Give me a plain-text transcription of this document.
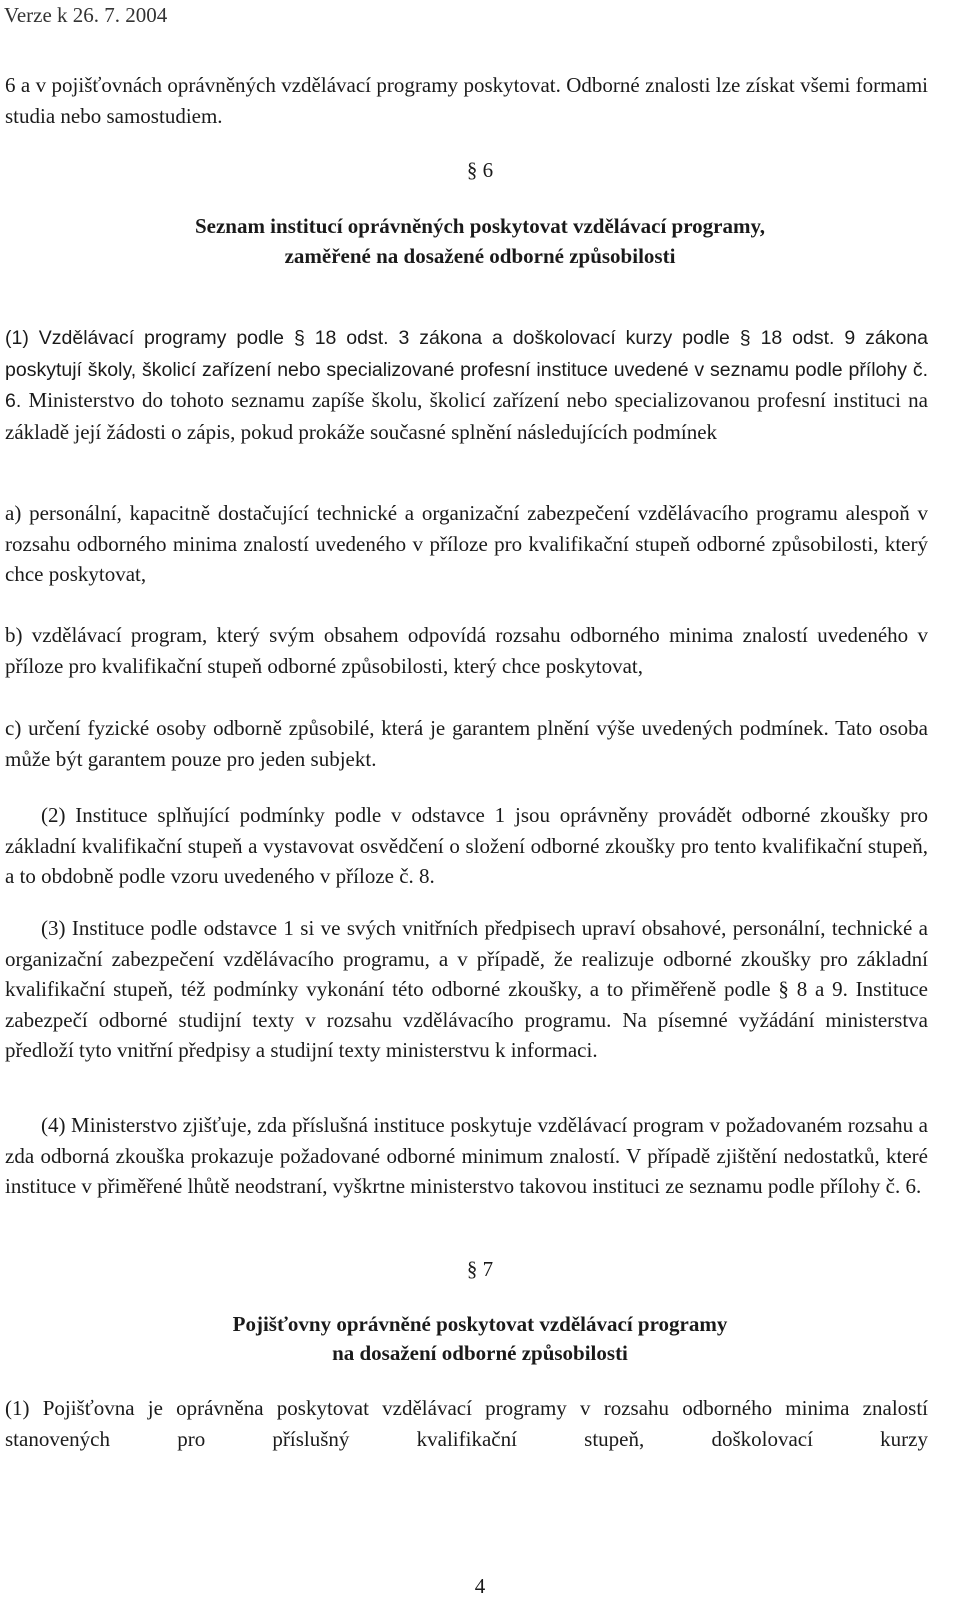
Verze k 26. 7. 2004

6 a v pojišťovnách oprávněných vzdělávací programy poskytovat. Odborné znalosti lze získat všemi formami studia nebo samostudiem.

§ 6

Seznam institucí oprávněných poskytovat vzdělávací programy,

zaměřené na dosažené odborné způsobilosti

(1) Vzdělávací programy podle § 18 odst. 3 zákona a doškolovací kurzy podle § 18 odst. 9 zákona poskytují školy, školicí zařízení nebo specializované profesní instituce uvedené v seznamu podle přílohy č. 6. Ministerstvo do tohoto seznamu zapíše školu, školicí zařízení nebo specializovanou profesní instituci na základě její žádosti o zápis, pokud prokáže současné splnění následujících podmínek

a) personální, kapacitně dostačující technické a organizační zabezpečení vzdělávacího programu alespoň v rozsahu odborného minima znalostí uvedeného v příloze pro kvalifikační stupeň odborné způsobilosti, který chce poskytovat,

b) vzdělávací program, který svým obsahem odpovídá rozsahu odborného minima znalostí uvedeného v příloze pro kvalifikační stupeň odborné způsobilosti, který chce poskytovat,

c) určení fyzické osoby odborně způsobilé, která je garantem plnění výše uvedených podmínek. Tato osoba může být garantem pouze pro jeden subjekt.

(2) Instituce splňující podmínky podle v odstavce 1 jsou oprávněny provádět odborné zkoušky pro základní kvalifikační stupeň a vystavovat osvědčení o složení odborné zkoušky pro tento kvalifikační stupeň, a to obdobně podle vzoru uvedeného v příloze č. 8.

(3) Instituce podle odstavce 1 si ve svých vnitřních předpisech upraví obsahové, personální, technické a organizační zabezpečení vzdělávacího programu, a v případě, že realizuje odborné zkoušky pro základní kvalifikační stupeň, též podmínky vykonání této odborné zkoušky, a to přiměřeně podle § 8 a 9. Instituce zabezpečí odborné studijní texty v rozsahu vzdělávacího programu. Na písemné vyžádání ministerstva předloží tyto vnitřní předpisy a studijní texty ministerstvu k informaci.

(4) Ministerstvo zjišťuje, zda příslušná instituce poskytuje vzdělávací program v požadovaném rozsahu a zda odborná zkouška prokazuje požadované odborné minimum znalostí. V případě zjištění nedostatků, které instituce v přiměřené lhůtě neodstraní, vyškrtne ministerstvo takovou instituci ze seznamu podle přílohy č. 6.

§ 7

Pojišťovny oprávněné poskytovat vzdělávací programy

na dosažení odborné způsobilosti

(1) Pojišťovna je oprávněna poskytovat vzdělávací programy v rozsahu odborného minima znalostí stanovených pro příslušný kvalifikační stupeň, doškolovací kurzy

4
